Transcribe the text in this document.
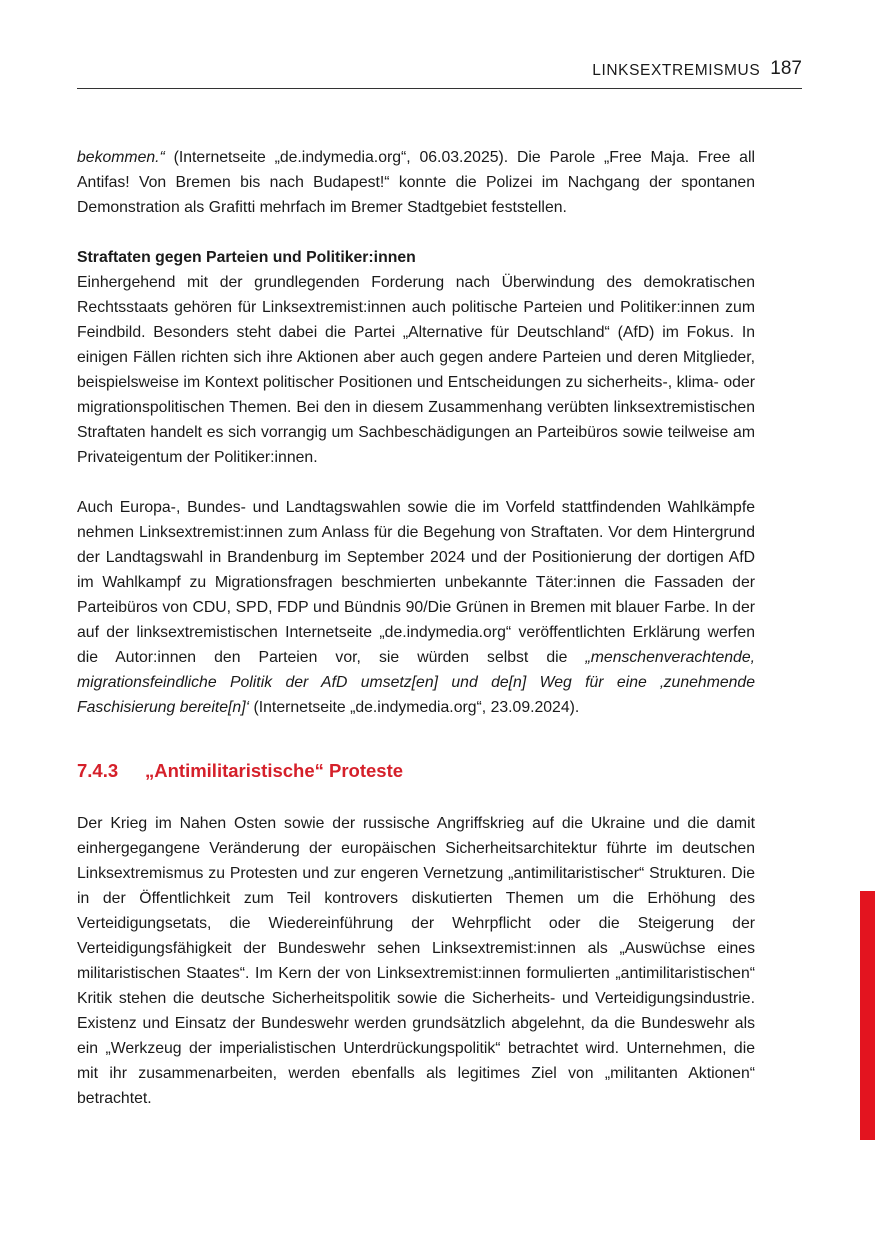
LINKSEXTREMISMUS 187

bekommen.“ (Internetseite „de.indymedia.org“, 06.03.2025). Die Parole „Free Maja. Free all Antifas! Von Bremen bis nach Budapest!“ konnte die Polizei im Nachgang der spontanen Demonstration als Grafitti mehrfach im Bremer Stadtgebiet feststellen.

Straftaten gegen Parteien und Politiker:innen

Einhergehend mit der grundlegenden Forderung nach Überwindung des demokratischen Rechtsstaats gehören für Linksextremist:innen auch politische Parteien und Politiker:innen zum Feindbild. Besonders steht dabei die Partei „Alternative für Deutschland“ (AfD) im Fokus. In einigen Fällen richten sich ihre Aktionen aber auch gegen andere Parteien und deren Mitglieder, beispielsweise im Kontext politischer Positionen und Entscheidungen zu sicherheits-, klima- oder migrationspolitischen Themen. Bei den in diesem Zusammenhang verübten linksextremistischen Straftaten handelt es sich vorrangig um Sachbeschädigungen an Parteibüros sowie teilweise am Privateigentum der Politiker:innen.

Auch Europa-, Bundes- und Landtagswahlen sowie die im Vorfeld stattfindenden Wahlkämpfe nehmen Linksextremist:innen zum Anlass für die Begehung von Straftaten. Vor dem Hintergrund der Landtagswahl in Brandenburg im September 2024 und der Positionierung der dortigen AfD im Wahlkampf zu Migrationsfragen beschmierten unbekannte Täter:innen die Fassaden der Parteibüros von CDU, SPD, FDP und Bündnis 90/Die Grünen in Bremen mit blauer Farbe. In der auf der linksextremistischen Internetseite „de.indymedia.org“ veröffentlichten Erklärung werfen die Autor:innen den Parteien vor, sie würden selbst die „menschenverachtende, migrationsfeindliche Politik der AfD umsetz[en] und de[n] Weg für eine ‚zunehmende Faschisierung bereite[n]‘ (Internetseite „de.indymedia.org“, 23.09.2024).

7.4.3 „Antimilitaristische“ Proteste

Der Krieg im Nahen Osten sowie der russische Angriffskrieg auf die Ukraine und die damit einhergegangene Veränderung der europäischen Sicherheitsarchitektur führte im deutschen Linksextremismus zu Protesten und zur engeren Vernetzung „antimilitaristischer“ Strukturen. Die in der Öffentlichkeit zum Teil kontrovers diskutierten Themen um die Erhöhung des Verteidigungsetats, die Wiedereinführung der Wehrpflicht oder die Steigerung der Verteidigungsfähigkeit der Bundeswehr sehen Linksextremist:innen als „Auswüchse eines militaristischen Staates“. Im Kern der von Linksextremist:innen formulierten „antimilitaristischen“ Kritik stehen die deutsche Sicherheitspolitik sowie die Sicherheits- und Verteidigungsindustrie. Existenz und Einsatz der Bundeswehr werden grundsätzlich abgelehnt, da die Bundeswehr als ein „Werkzeug der imperialistischen Unterdrückungspolitik“ betrachtet wird. Unternehmen, die mit ihr zusammenarbeiten, werden ebenfalls als legitimes Ziel von „militanten Aktionen“ betrachtet.
